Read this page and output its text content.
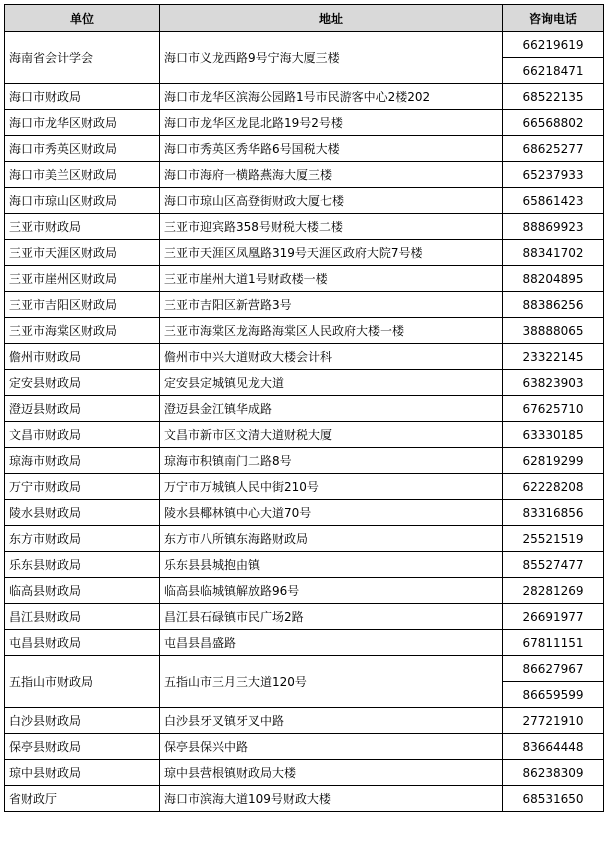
单位	地址	咨询电话
海南省会计学会	海口市义龙西路9号宁海大厦三楼	66219619
		66218471
海口市财政局	海口市龙华区滨海公园路1号市民游客中心2楼202	68522135
海口市龙华区财政局	海口市龙华区龙昆北路19号2号楼	66568802
海口市秀英区财政局	海口市秀英区秀华路6号国税大楼	68625277
海口市美兰区财政局	海口市海府一横路燕海大厦三楼	65237933
海口市琼山区财政局	海口市琼山区高登街财政大厦七楼	65861423
三亚市财政局	三亚市迎宾路358号财税大楼二楼	88869923
三亚市天涯区财政局	三亚市天涯区凤凰路319号天涯区政府大院7号楼	88341702
三亚市崖州区财政局	三亚市崖州大道1号财政楼一楼	88204895
三亚市吉阳区财政局	三亚市吉阳区新营路3号	88386256
三亚市海棠区财政局	三亚市海棠区龙海路海棠区人民政府大楼一楼	38888065
儋州市财政局	儋州市中兴大道财政大楼会计科	23322145
定安县财政局	定安县定城镇见龙大道	63823903
澄迈县财政局	澄迈县金江镇华成路	67625710
文昌市财政局	文昌市新市区文清大道财税大厦	63330185
琼海市财政局	琼海市积镇南门二路8号	62819299
万宁市财政局	万宁市万城镇人民中街210号	62228208
陵水县财政局	陵水县椰林镇中心大道70号	83316856
东方市财政局	东方市八所镇东海路财政局	25521519
乐东县财政局	乐东县县城抱由镇	85527477
临高县财政局	临高县临城镇解放路96号	28281269
昌江县财政局	昌江县石碌镇市民广场2路	26691977
屯昌县财政局	屯昌县昌盛路	67811151
五指山市财政局	五指山市三月三大道120号	86627967
		86659599
白沙县财政局	白沙县牙叉镇牙叉中路	27721910
保亭县财政局	保亭县保兴中路	83664448
琼中县财政局	琼中县营根镇财政局大楼	86238309
省财政厅	海口市滨海大道109号财政大楼	68531650
